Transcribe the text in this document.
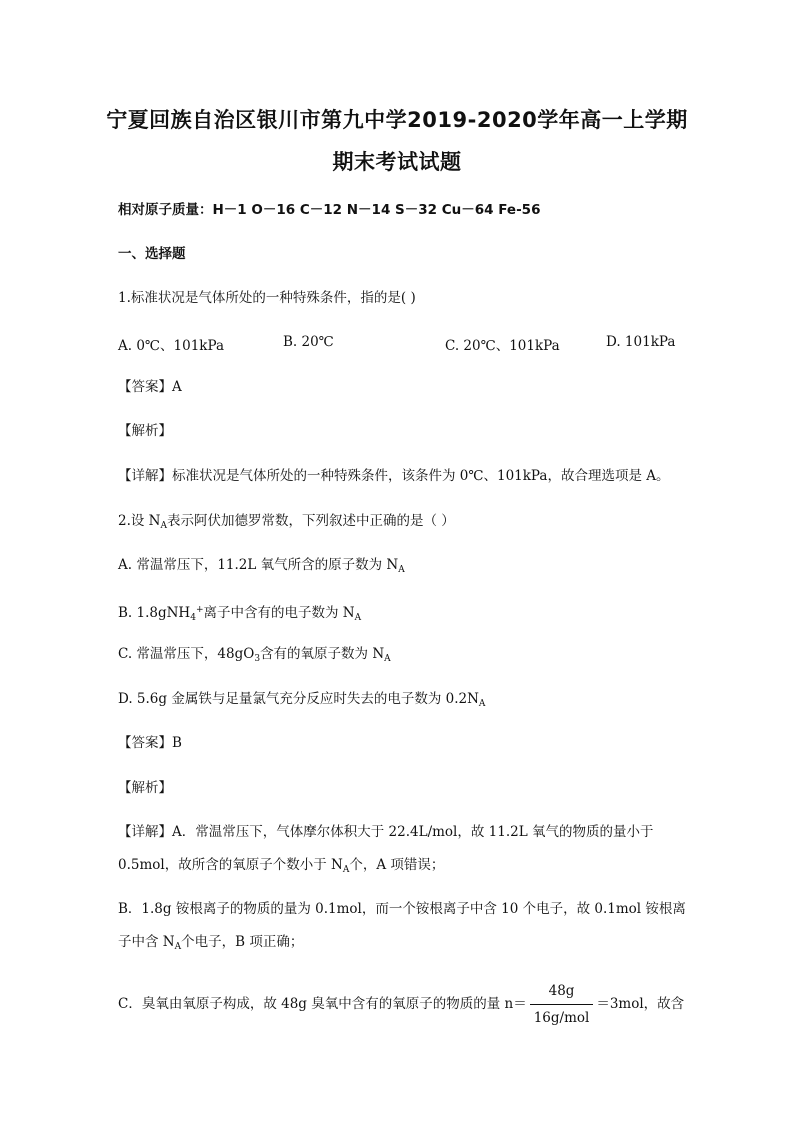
宁夏回族自治区银川市第九中学2019-2020学年高一上学期
期末考试试题
相对原子质量：H－1 O－16 C－12 N－14 S－32 Cu－64 Fe-56
一、选择题
1.标准状况是气体所处的一种特殊条件，指的是( )
A. 0℃、101kPa	B. 20℃	C. 20℃、101kPa	D. 101kPa
【答案】A
【解析】
【详解】标准状况是气体所处的一种特殊条件，该条件为 0℃、101kPa，故合理选项是 A。
2.设 $N_A$表示阿伏加德罗常数，下列叙述中正确的是（ ）
A. 常温常压下，11.2L 氧气所含的原子数为 $N_A$
B. 1.8gNH$_4$+离子中含有的电子数为 $N_A$
C. 常温常压下，$48gO_3$含有的氧原子数为 $N_A$
D. 5.6g 金属铁与足量氯气充分反应时失去的电子数为 $0.2N_A$
【答案】B
【解析】
【详解】A．常温常压下，气体摩尔体积大于 22.4L/mol，故 11.2L 氧气的物质的量小于
0.5mol，故所含的氧原子个数小于 $N_A$个，A 项错误；
B．1.8g 铵根离子的物质的量为 0.1mol，而一个铵根离子中含 10 个电子，故 0.1mol 铵根离
子中含 $N_A$个电子，B 项正确；
C．臭氧由氧原子构成，故 48g 臭氧中含有的氧原子的物质的量 $n= \frac{48g}{\text{16g/mol}} =3mol$，故含
